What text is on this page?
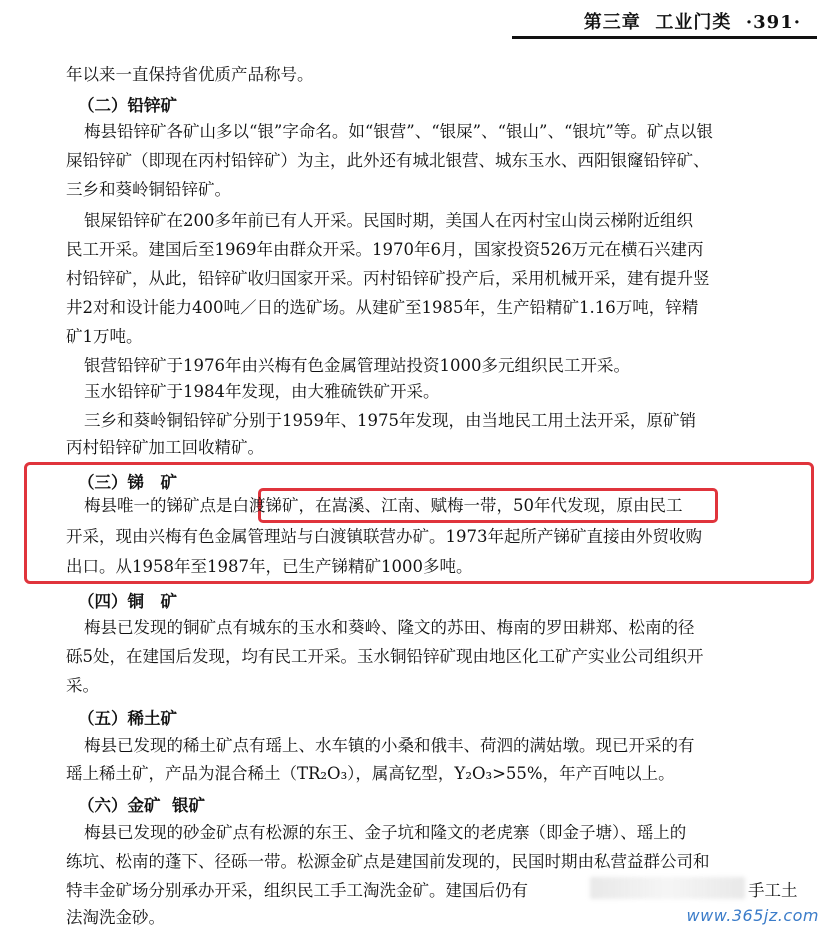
第三章 工业门类 ·391·
年以来一直保持省优质产品称号。
（二）铅锌矿
梅县铅锌矿各矿山多以“银”字命名。如“银营”、“银屎”、“银山”、“银坑”等。矿点以银
屎铅锌矿（即现在丙村铅锌矿）为主，此外还有城北银营、城东玉水、西阳银窿铅锌矿、
三乡和葵岭铜铅锌矿。
银屎铅锌矿在200多年前已有人开采。民国时期，美国人在丙村宝山岗云梯附近组织
民工开采。建国后至1969年由群众开采。1970年6月，国家投资526万元在横石兴建丙
村铅锌矿，从此，铅锌矿收归国家开采。丙村铅锌矿投产后，采用机械开采，建有提升竖
井2对和设计能力400吨／日的选矿场。从建矿至1985年，生产铅精矿1.16万吨，锌精
矿1万吨。
银营铅锌矿于1976年由兴梅有色金属管理站投资1000多元组织民工开采。
玉水铅锌矿于1984年发现，由大雅硫铁矿开采。
三乡和葵岭铜铅锌矿分别于1959年、1975年发现，由当地民工用土法开采，原矿销
丙村铅锌矿加工回收精矿。
（三）锑　矿
梅县唯一的锑矿点是白渡锑矿，在嵩溪、江南、赋梅一带，50年代发现，原由民工
开采，现由兴梅有色金属管理站与白渡镇联营办矿。1973年起所产锑矿直接由外贸收购
出口。从1958年至1987年，已生产锑精矿1000多吨。
（四）铜　矿
梅县已发现的铜矿点有城东的玉水和葵岭、隆文的苏田、梅南的罗田耕郑、松南的径
砾5处，在建国后发现，均有民工开采。玉水铜铅锌矿现由地区化工矿产实业公司组织开
采。
（五）稀土矿
梅县已发现的稀土矿点有瑶上、水车镇的小桑和俄丰、荷泗的满姑墩。现已开采的有
瑶上稀土矿，产品为混合稀土（TR₂O₃），属高钇型，Y₂O₃>55%，年产百吨以上。
（六）金矿  银矿
梅县已发现的砂金矿点有松源的东王、金子坑和隆文的老虎寨（即金子塘）、瑶上的
练坑、松南的蓬下、径砾一带。松源金矿点是建国前发现的，民国时期由私营益群公司和
特丰金矿场分别承办开采，组织民工手工淘洗金矿。建国后仍有	手工土
法淘洗金砂。	www.365jz.com
